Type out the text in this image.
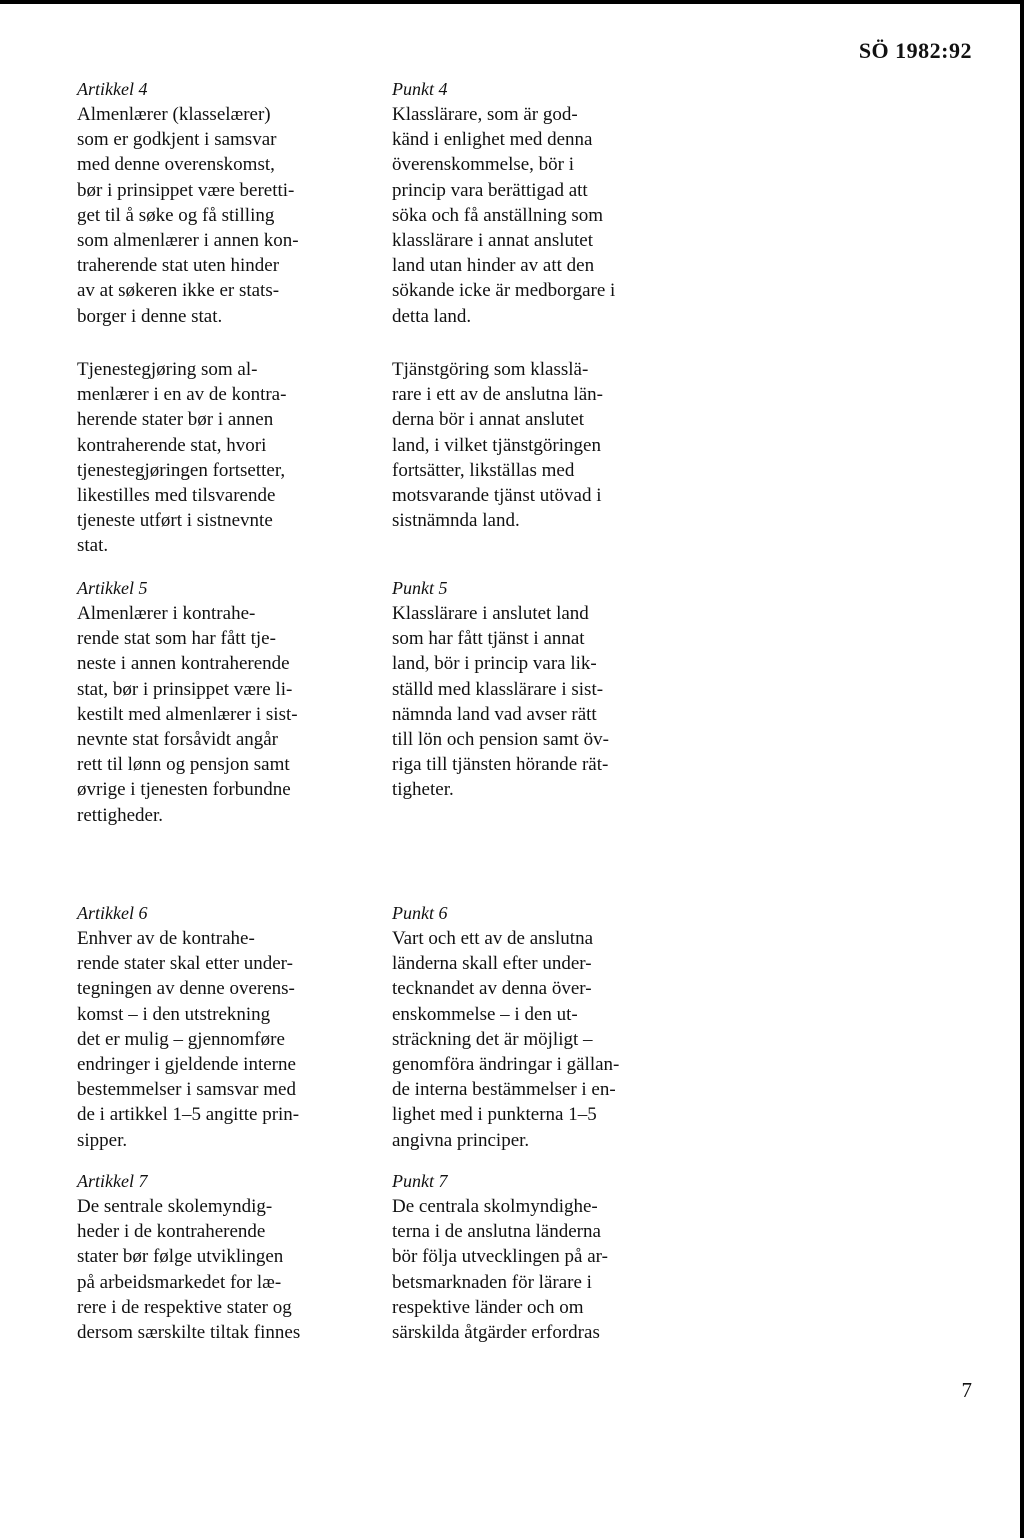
SÖ 1982:92
Artikkel 4
Almenlærer (klasselærer)
som er godkjent i samsvar
med denne overenskomst,
bør i prinsippet være beretti-
get til å søke og få stilling
som almenlærer i annen kon-
traherende stat uten hinder
av at søkeren ikke er stats-
borger i denne stat.
Tjenestegjøring som al-
menlærer i en av de kontra-
herende stater bør i annen
kontraherende stat, hvori
tjenestegjøringen fortsetter,
likestilles med tilsvarende
tjeneste utført i sistnevnte
stat.
Artikkel 5
Almenlærer i kontrahe-
rende stat som har fått tje-
neste i annen kontraherende
stat, bør i prinsippet være li-
kestilt med almenlærer i sist-
nevnte stat forsåvidt angår
rett til lønn og pensjon samt
øvrige i tjenesten forbundne
rettigheder.
Artikkel 6
Enhver av de kontrahe-
rende stater skal etter under-
tegningen av denne overens-
komst – i den utstrekning
det er mulig – gjennomføre
endringer i gjeldende interne
bestemmelser i samsvar med
de i artikkel 1–5 angitte prin-
sipper.
Artikkel 7
De sentrale skolemyndig-
heder i de kontraherende
stater bør følge utviklingen
på arbeidsmarkedet for læ-
rere i de respektive stater og
dersom særskilte tiltak finnes
Punkt 4
Klasslärare, som är god-
känd i enlighet med denna
överenskommelse, bör i
princip vara berättigad att
söka och få anställning som
klasslärare i annat anslutet
land utan hinder av att den
sökande icke är medborgare i
detta land.
Tjänstgöring som klasslä-
rare i ett av de anslutna län-
derna bör i annat anslutet
land, i vilket tjänstgöringen
fortsätter, likställas med
motsvarande tjänst utövad i
sistnämnda land.
Punkt 5
Klasslärare i anslutet land
som har fått tjänst i annat
land, bör i princip vara lik-
ställd med klasslärare i sist-
nämnda land vad avser rätt
till lön och pension samt öv-
riga till tjänsten hörande rät-
tigheter.
Punkt 6
Vart och ett av de anslutna
länderna skall efter under-
tecknandet av denna över-
enskommelse – i den ut-
sträckning det är möjligt –
genomföra ändringar i gällan-
de interna bestämmelser i en-
lighet med i punkterna 1–5
angivna principer.
Punkt 7
De centrala skolmyndighe-
terna i de anslutna länderna
bör följa utvecklingen på ar-
betsmarknaden för lärare i
respektive länder och om
särskilda åtgärder erfordras
7
